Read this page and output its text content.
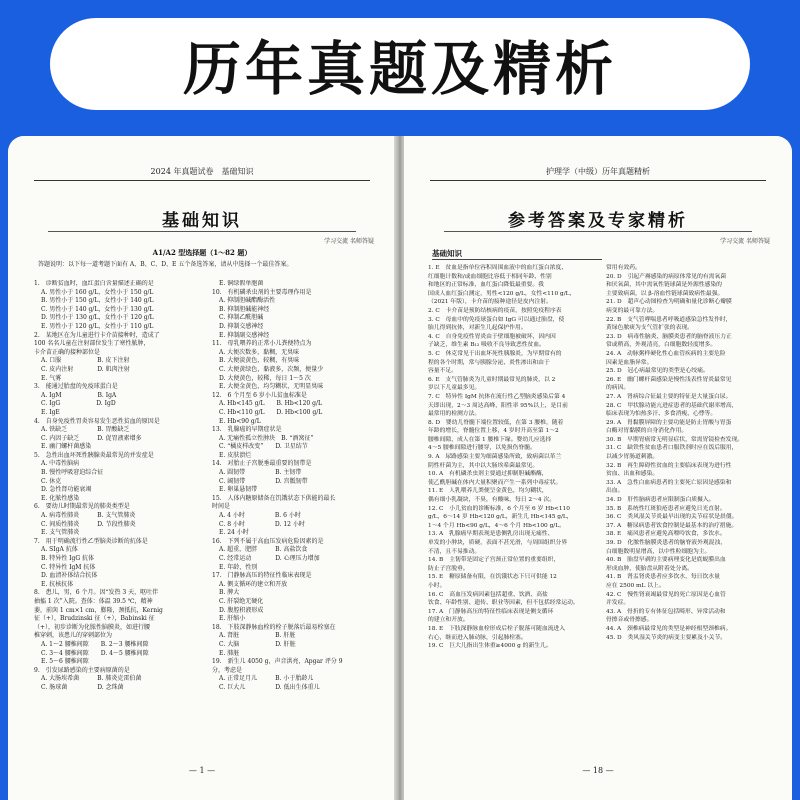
历年真题及精析
2024 年真题试卷　基础知识
基础知识
学习交流 名师答疑
A1/A2 型选择题（1～82 题）
答题说明：以下每一道考题下面有 A、B、C、D、E 五个备选答案，请从中选择一个最佳答案。
1.　诊断贫血时，血红蛋白含量描述正确的是
A. 男性小于 160 g/L，女性小于 150 g/L
B. 男性小于 150 g/L，女性小于 140 g/L
C. 男性小于 140 g/L，女性小于 130 g/L
D. 男性小于 130 g/L，女性小于 120 g/L
E. 男性小于 120 g/L，女性小于 110 g/L
2.　某地区在为儿童进行卡介苗接种时，造成了
100 名名儿童在注射部位发生了寒性脓肿，
卡介苗正确的接种部位是
A. 口服　　　　　　B. 皮下注射
C. 皮内注射　　　　D. 肌肉注射
E. 气雾
3.　能通过胎盘的免疫球蛋白是
A. IgM　　　　　　B. IgA
C. IgG　　　　　　D. IgD
E. IgE
4.　自身免疫性胃炎容易发生恶性贫血的原因是
A. 铁缺乏　　　　　B. 胃酸缺乏
C. 内因子缺乏　　　D. 促胃液素增多
E. 幽门螺杆菌感染
5.　急性出血坏死性胰腺炎最常见的并发症是
A. 中毒性脑病
B. 慢性呼吸窘迫综合征
C. 休克
D. 急性肾功能衰竭
E. 化脓性感染
6.　要幼儿时期最常见的肺炎类型是
A. 病毒性肺炎　　　B. 支气管肺炎
C. 间质性肺炎　　　D. 节段性肺炎
E. 支气管肺炎
7.　用于明确流行性乙型脑炎诊断的抗体是
A. SIgA 抗体
B. 特异性 IgG 抗体
C. 特异性 IgM 抗体
D. 血清补体结合抗体
E. 抗核抗体
8.　患儿，男，6 个月。因“发热 3 天，呕吐伴
抽搐 1 次”入院。查体：体温 39.5 ℃，精神
萎，前囟 1 cm×1 cm，膨隆，颈抵抗，Kernig
征（+），Brudzinski 征（+），Babinski 征
（+），初步诊断为化脓性脑膜炎，如进行腰
椎穿刺，该患儿的穿刺部位为
A. 1～2 腰椎间隙　　B. 2～3 腰椎间隙
C. 3～4 腰椎间隙　　D. 4～5 腰椎间隙
E. 5～6 腰椎间隙
9.　引发尿路感染的主要病原菌的是
A. 大肠埃希菌　　　B. 肺炎克雷伯菌
C. 肠球菌　　　　　D. 念珠菌
E. 铜绿假单胞菌
10.　有机磷杀虫剂的主要毒理作用是
A. 抑制胆碱酯酶活性
B. 抑制胆碱能神经
C. 抑制乙酰胆碱
D. 抑制交感神经
E. 抑制副交感神经
11.　母乳喂养的正常小儿粪便特点为
A. 大便次数多，黏稠，无臭味
B. 大便淡黄色，较稠，有臭味
C. 大便黄绿色，黏液多，次频，便量少
D. 大便黄色，较稀，每日 1～5 次
E. 大便金黄色，均匀糊状，无明显臭味
12.　6 个月至 6 岁小儿贫血标准是
A. Hb<145 g/L　　B. Hb<120 g/L
C. Hb<110 g/L　　D. Hb<100 g/L
E. Hb<90 g/L
13.　乳腺癌的早期症状是
A. 无痛性孤立性肿块　B. “酒窝征”
C. “橘皮样改变”　　D. 卫星结节
E. 皮肤溃烂
14.　对胎止子宫脱垂最重要的韧带是
A. 圆韧带　　　　　B. 主韧带
C. 阔韧带　　　　　D. 宫骶韧带
E. 卵巢悬韧带
15.　人体内糖原储备在饥饿状态下供能的最长
时间是
A. 4 小时　　　　　B. 6 小时
C. 8 小时　　　　　D. 12 小时
E. 24 小时
16.　下列不属于高血压发病危险因素的是
A. 超重，肥胖　　　B. 高盐饮食
C. 经常运动　　　　D. 心理压力增加
E. 年龄，性别
17.　门静脉高压的特征性临床表现是
A. 侧支循环的建立和开放
B. 脾大
C. 肝裂绝无硬化
D. 腹腔积液形成
E. 肝缩小
18.　下肢深静脉血栓的栓子脱落后最易栓塞在
A. 肾脏　　　　　　B. 肝脏
C. 大脑　　　　　　D. 肝脏
E. 肺脏
19.　新生儿 4050 g，声音洪亮，Apgar 评分 9
分，考虑是
A. 正常足月儿　　　B. 小于胎龄儿
C. 巨大儿　　　　　D. 低出生体重儿
— 1 —
护理学（中级）历年真题精析
参考答案及专家精析
学习交流 名师答疑
基础知识
1. E　贫血是指单位容积周围血液中的血红蛋白浓度、
红细胞计数和/或血细胞比容低于相同年龄、性别
和地区的正常标准，血红蛋白降低最重要。我
国成人血红蛋白测定，男性<120 g/L，女性<110 g/L，
（2021 年版），卡介苗的接种途径是皮内注射。
2. C　卡介苗是预防结核病的疫苗，按照免疫程序表
3. C　母血中的免疫球蛋白如 IgG 可以通过胎盘，使
胎儿得到抗体，对新生儿起保护作用。
4. C　自身免疫性胃炎由于壁细胞被破坏，因内因
子缺乏，维生素 B₁₂ 吸收不良导致恶性贫血。
5. C　休克常见于出血坏死性胰腺炎，为早期常有的
程的各个时期，常与胰腺分泌、炎性渗出和由于
容量不足。
6. E　支气管肺炎为儿童时期最常见的肺炎，以 2
岁以下儿童最多见。
7. C　特异性 IgM 抗体在流行性乙型脑炎感染后第 4
天即出现，2～3 周达高峰，阳性率 95%以上，是目前
最常用的检测方法。
8. D　婴幼儿脊髓下端位置较低，在第 3 腰椎，随着
年龄的增长，脊髓位置上移，4 岁时升高至第 1～2
腰椎间隙，成人在第 1 腰椎下缘。婴幼儿应选择
4～5 腰椎间隙进行腰穿，以免损伤脊髓。
9. A　尿路感染主要为细菌感染所致，致病菌以革兰
阴性杆菌为主，其中以大肠埃希菌最常见。
10. A　有机磷杀虫剂主要通过抑制胆碱酯酶，
使乙酰胆碱在体内大量积聚而产生一系列中毒症状。
11. E　人乳喂养儿粪便呈金黄色，均匀糊状，
偶有细小乳凝块，不臭，有酸味，每日 2～4 次。
12. C　小儿贫血的诊断标准，6 个月至 6 岁 Hb<110
g/L，6～14 岁 Hb<120 g/L，新生儿 Hb<145 g/L，
1～4 个月 Hb<90 g/L，4～6 个月 Hb<100 g/L。
13. A　乳腺癌早期表现是患侧乳房出现无痛性、
单发的小肿块，质硬，表面不甚光滑，与周围组织分界
不清，且不易推动。
14. B　主韧带是固定子宫颈正常位置的重要组织，
防止子宫脱垂。
15. E　糖原储备有限，在饥饿状态下只可供能 12
小时。
16. C　高血压发病因素包括超重、饮酒、高盐
饮食、年龄性别、遗传、职业等因素，但不包括经常运动。
17. A　门静脉高压的特征性临床表现是侧支循环
的建立和开放。
18. E　下肢深静脉血栓形成后栓子脱落可随血流进入
右心，继而进入肺动脉，引起肺栓塞。
19. C　巨大儿指出生体重≥4000 g 的新生儿。
常用有效药。
20. D　引起产褥感染的病原体常见的有需氧菌
和厌氧菌，其中需氧性链球菌是外源性感染的
主要致病菌，以 β-溶血性链球菌致病性最强。
21. D　超声心动图检查为明确和量化诊断心瓣膜
病变的最可靠方法。
22. B　支气管哮喘患者呼吸道感染急性发作时，
黄绿色脓痰为支气管扩张的表现。
23. D　病毒性脑炎、脑膜炎患者的脑脊液压力正
常或稍高，外观清亮，白细胞数轻度增多。
24. A　动脉粥样硬化性心血管疾病的主要危险
因素是血脂异常。
25. D　冠心病最常见的类型是心绞痛。
26. E　幽门螺杆菌感染是慢性浅表性胃炎最常见
的病因。
27. A　肾病综合征最主要的特征是大量蛋白尿。
28. C　甲状腺功能亢进症患者的基础代谢率增高，
临床表现为怕热多汗、多食消瘦、心悸等。
29. A　胃黏膜屏障的主要功能是防止胃酸与胃蛋
白酶对胃黏膜的自身消化作用。
30. B　早期胃癌常无明显症状，常需胃镜检查发现。
31. C　缺铁性贫血患者口服铁剂时应在饭后服用，
以减少胃肠道刺激。
32. B　再生障碍性贫血的主要临床表现为进行性
贫血、出血和感染。
33. A　急性白血病患者的主要死亡原因是感染和
出血。
34. D　肝性脑病患者应限制蛋白质摄入。
35. B　系统性红斑狼疮患者应避免日光直射。
36. C　类风湿关节炎最早出现的关节症状是晨僵。
37. A　糖尿病患者饮食控制是最基本的治疗措施。
38. E　痛风患者应避免高嘌呤饮食，多饮水。
39. D　化脓性脑膜炎患者的脑脊液外观混浊，
白细胞数明显增高，以中性粒细胞为主。
40. B　胎盘早剥的主要病理变化是底蜕膜出血
形成血肿，使胎盘从附着处分离。
41. B　肾盂肾炎患者应多饮水，每日饮水量
应在 2500 mL 以上。
42. C　慢性肾衰竭最常见的死亡原因是心血管
并发症。
43. A　骨折的专有体征包括畸形、异常活动和
骨擦音或骨擦感。
44. A　颈椎病最常见的类型是神经根型颈椎病。
45. D　类风湿关节炎的病变主要累及小关节。
— 18 —
